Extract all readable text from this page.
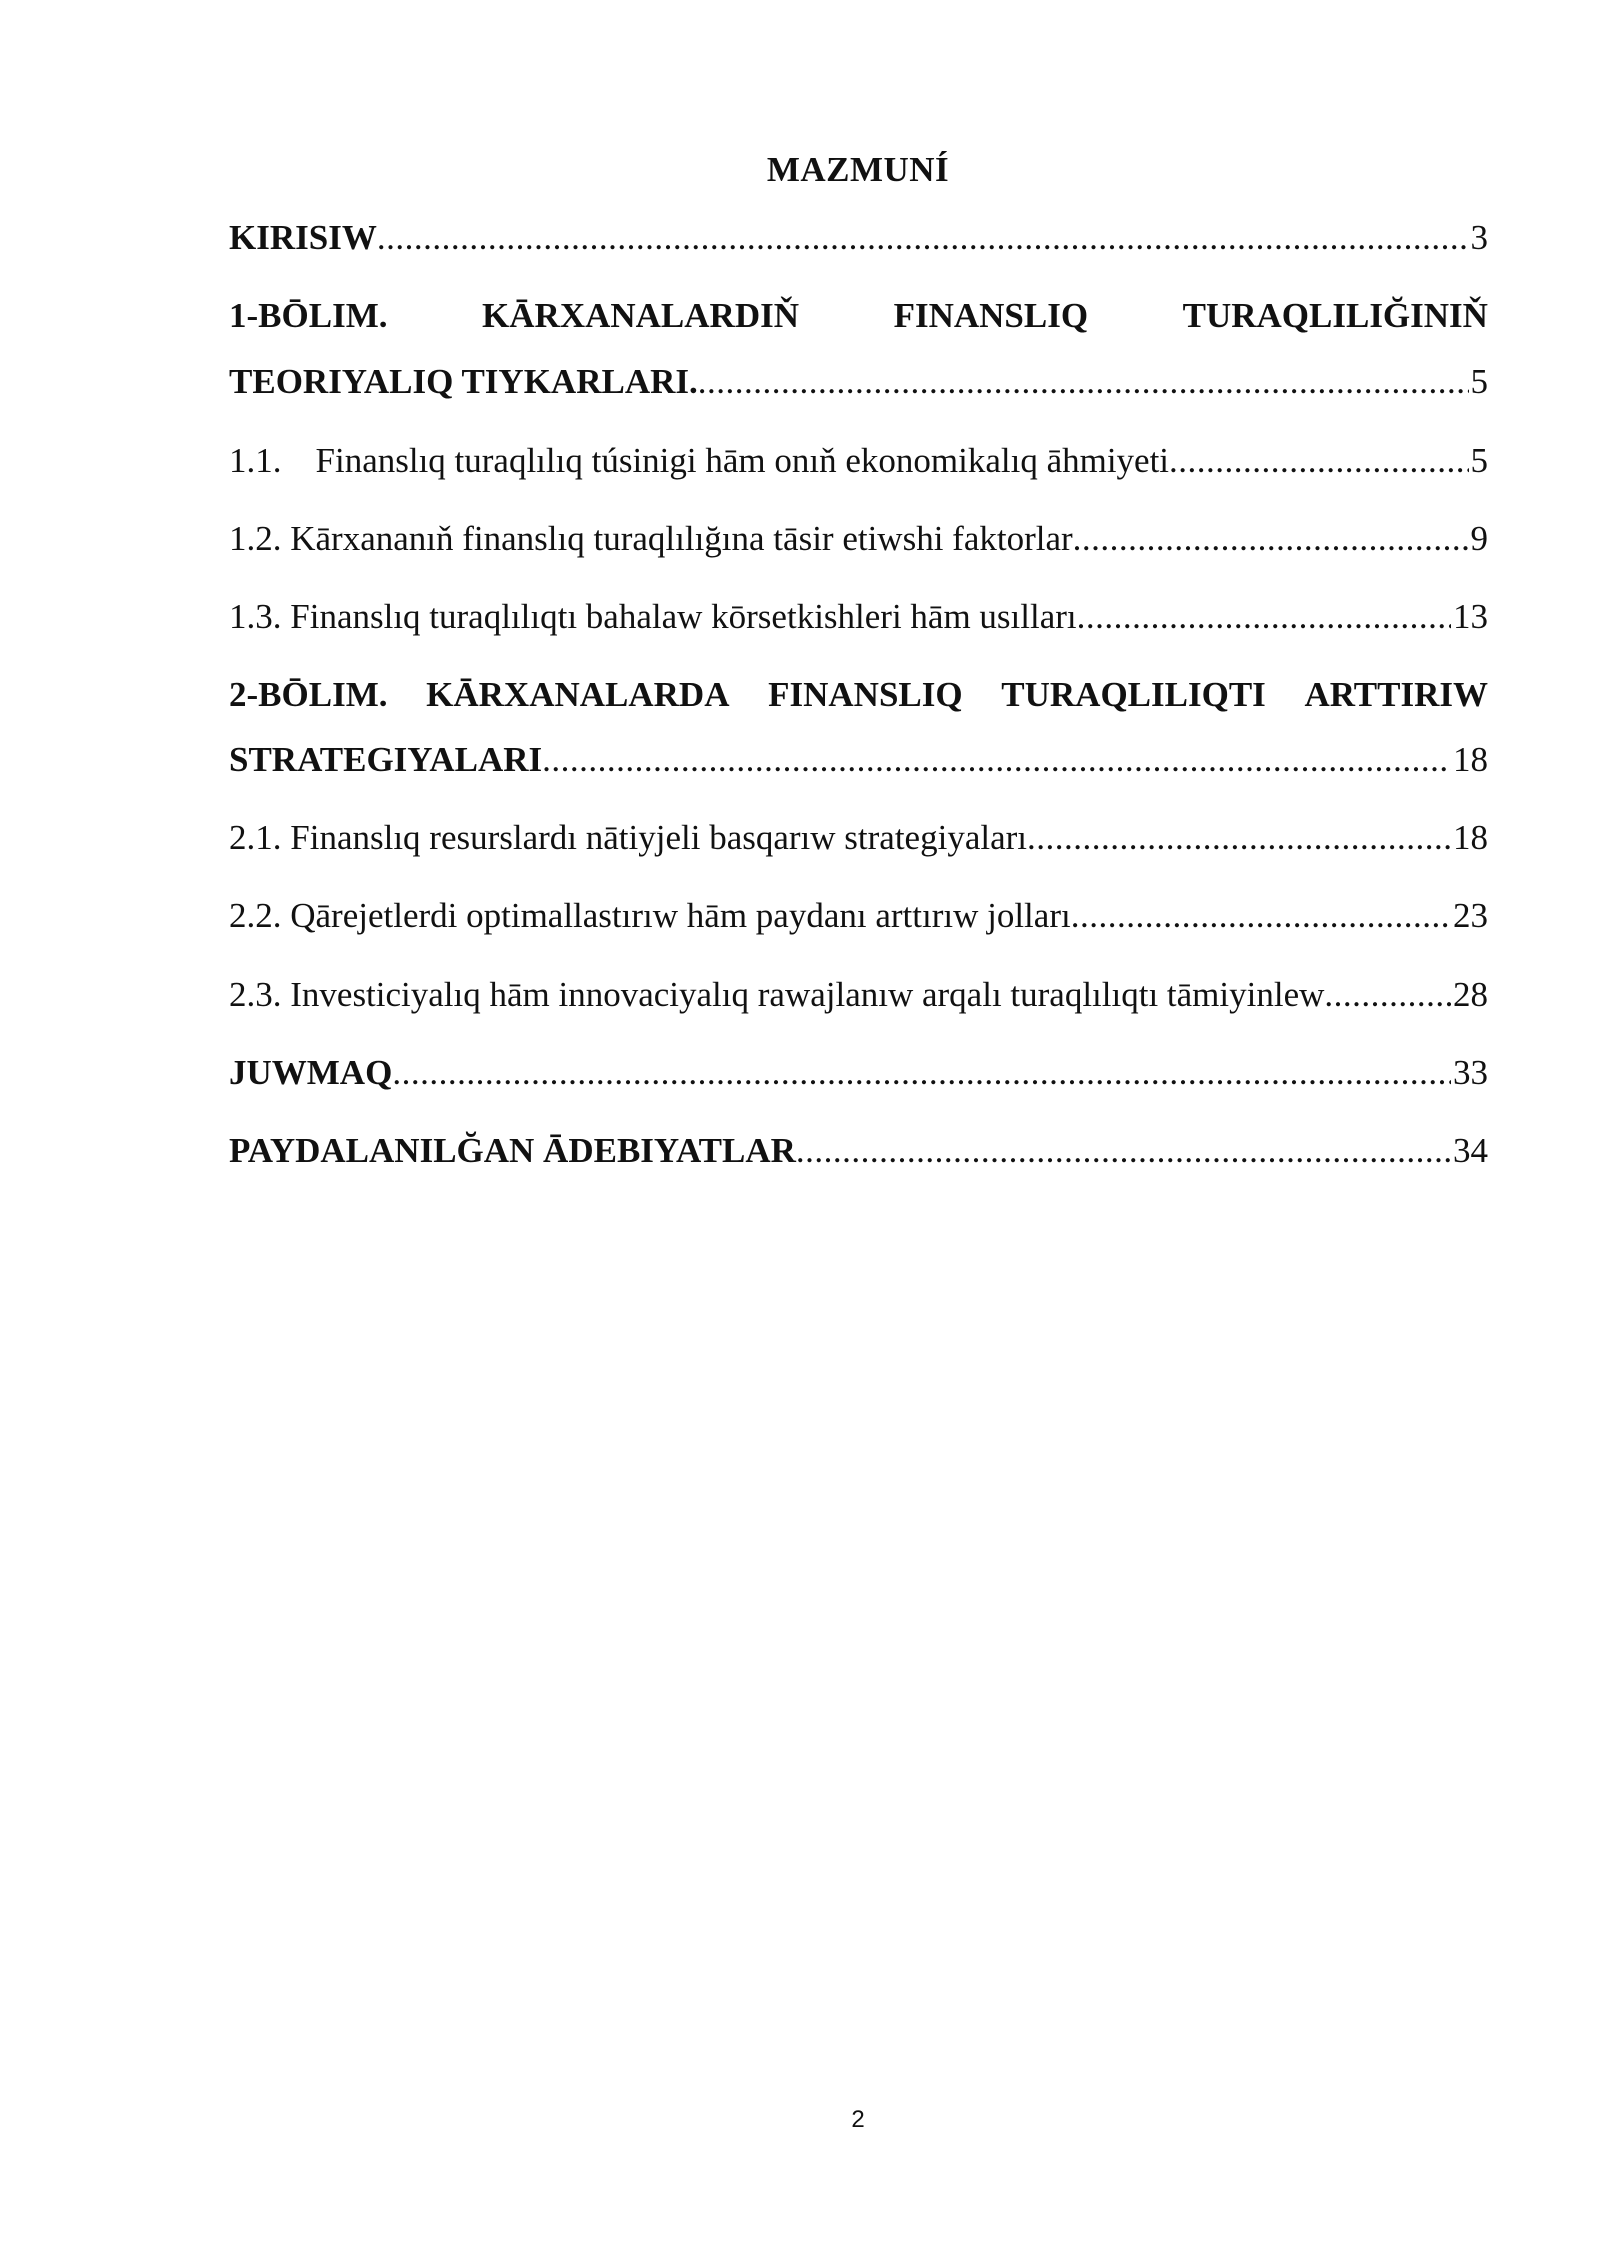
MAZMUNÍ
KIRISIW .....	3
1-BŌLIM.	KĀRXANALARDIŇ	FINANSLIQ	TURAQLILIĞINIŇ
TEORIYALIQ TIYKARLARI. .....	5
1.1. Finanslıq turaqlılıq túsinigi hām onıň ekonomikalıq āhmiyeti .....	5
1.2. Kārxananıň finanslıq turaqlılığına tāsir etiwshi faktorlar .....	9
1.3. Finanslıq turaqlılıqtı bahalaw kōrsetkishleri hām usılları .....	13
2-BŌLIM. KĀRXANALARDA FINANSLIQ TURAQLILIQTI ARTTIRIW
STRATEGIYALARI .....	18
2.1. Finanslıq resurslardı nātiyjeli basqarıw strategiyaları .....	18
2.2. Qārejetlerdi optimallastırıw hām paydanı arttırıw jolları .....	23
2.3. Investiciyalıq hām innovaciyalıq rawajlanıw arqalı turaqlılıqtı tāmiyinlew .....	28
JUWMAQ .....	33
PAYDALANILĞAN ĀDEBIYATLAR .....	34
2
